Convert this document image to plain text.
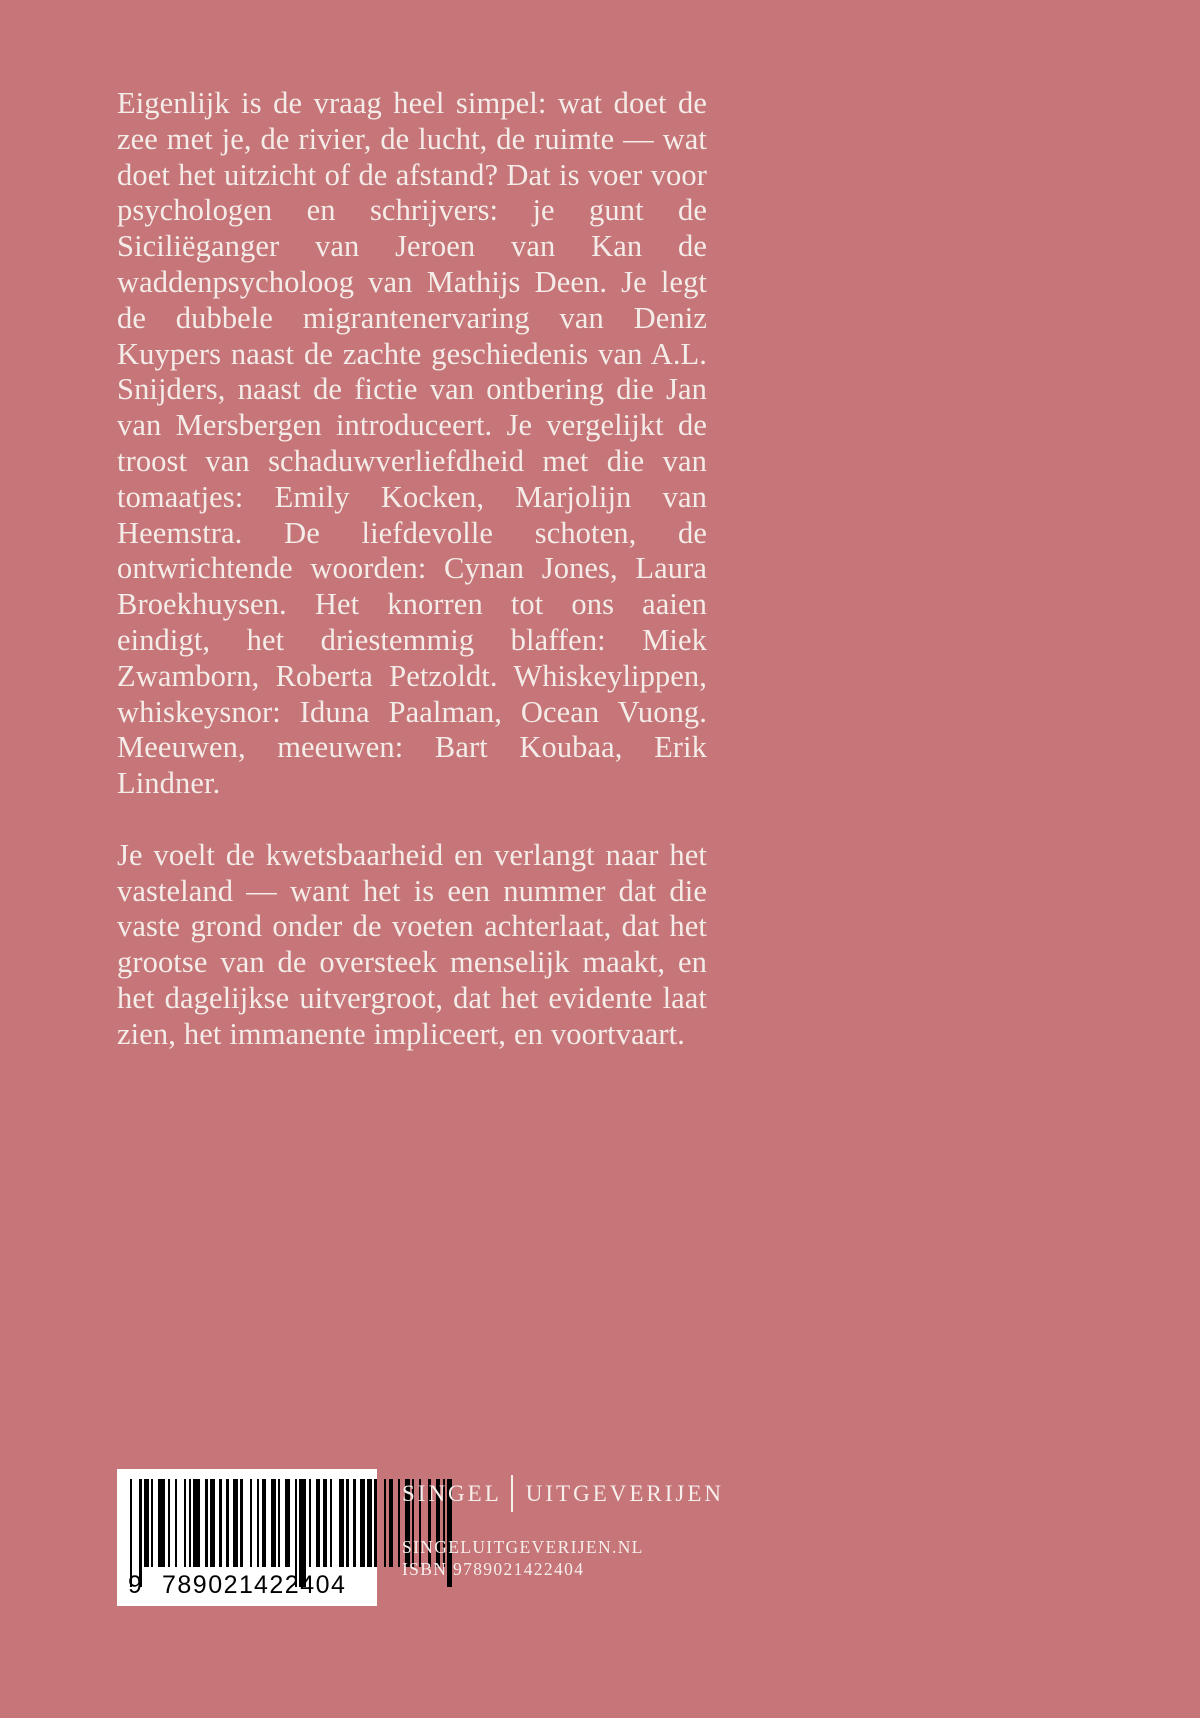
Eigenlijk is de vraag heel simpel: wat doet de zee met je, de rivier, de lucht, de ruimte — wat doet het uitzicht of de afstand? Dat is voer voor psychologen en schrijvers: je gunt de Siciliëganger van Jeroen van Kan de waddenpsycholoog van Mathijs Deen. Je legt de dubbele migrantenervaring van Deniz Kuypers naast de zachte geschiedenis van A.L. Snijders, naast de fictie van ontbering die Jan van Mersbergen introduceert. Je vergelijkt de troost van schaduwverliefdheid met die van tomaatjes: Emily Kocken, Marjolijn van Heemstra. De liefdevolle schoten, de ontwrichtende woorden: Cynan Jones, Laura Broekhuysen. Het knorren tot ons aaien eindigt, het driestemmig blaffen: Miek Zwamborn, Roberta Petzoldt. Whiskeylippen, whiskeysnor: Iduna Paalman, Ocean Vuong. Meeuwen, meeuwen: Bart Koubaa, Erik Lindner.

Je voelt de kwetsbaarheid en verlangt naar het vasteland — want het is een nummer dat die vaste grond onder de voeten achterlaat, dat het grootse van de oversteek menselijk maakt, en het dagelijkse uitvergroot, dat het evidente laat zien, het immanente impliceert, en voortvaart.

9 789021 422404
SINGEL UITGEVERIJEN
SINGELUITGEVERIJEN.NL
ISBN 9789021422404
